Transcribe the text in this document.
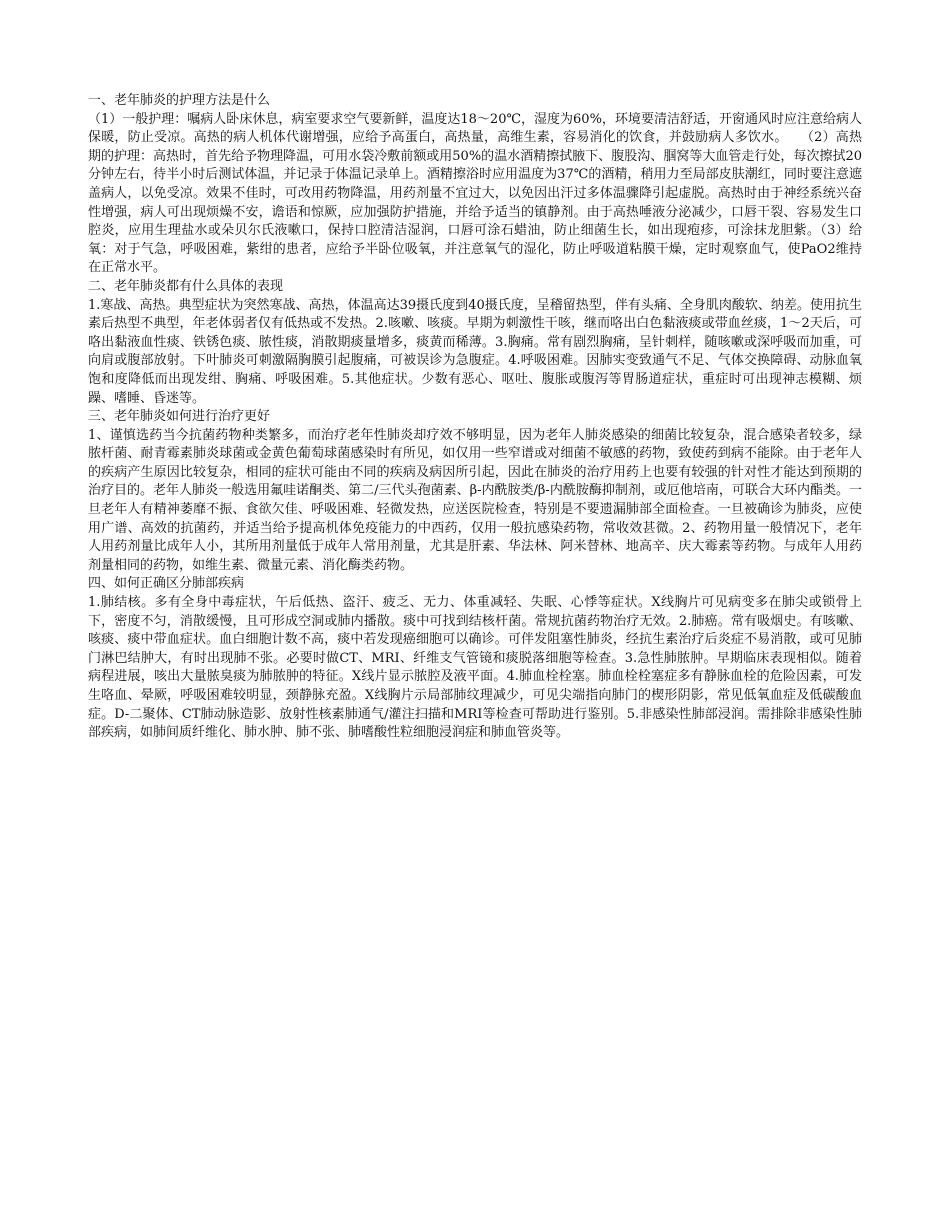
一、老年肺炎的护理方法是什么

（1）一般护理：嘱病人卧床休息，病室要求空气要新鲜，温度达18～20℃，湿度为60%，环境要清洁舒适，开窗通风时应注意给病人保暖，防止受凉。高热的病人机体代谢增强，应给予高蛋白，高热量，高维生素，容易消化的饮食，并鼓励病人多饮水。　　（2）高热期的护理：高热时，首先给予物理降温，可用水袋冷敷前额或用50%的温水酒精擦拭腋下、腹股沟、腘窝等大血管走行处，每次擦拭20分钟左右，待半小时后测试体温，并记录于体温记录单上。酒精擦浴时应用温度为37℃的酒精，稍用力至局部皮肤潮红，同时要注意遮盖病人，以免受凉。效果不佳时，可改用药物降温，用药剂量不宜过大，以免因出汗过多体温骤降引起虚脱。高热时由于神经系统兴奋性增强，病人可出现烦燥不安，谵语和惊厥，应加强防护措施，并给予适当的镇静剂。由于高热唾液分泌减少，口唇干裂、容易发生口腔炎，应用生理盐水或朵贝尔氏液嗽口，保持口腔清洁湿润，口唇可涂石蜡油，防止细菌生长，如出现疱疹，可涂抹龙胆紫。（3）给氧：对于气急，呼吸困难，紫绀的患者，应给予半卧位吸氧，并注意氧气的湿化，防止呼吸道粘膜干燥，定时观察血气，使PaO2维持在正常水平。

二、老年肺炎都有什么具体的表现

1.寒战、高热。典型症状为突然寒战、高热，体温高达39摄氏度到40摄氏度，呈稽留热型，伴有头痛、全身肌肉酸软、纳差。使用抗生素后热型不典型，年老体弱者仅有低热或不发热。2.咳嗽、咳痰。早期为刺激性干咳，继而咯出白色黏液痰或带血丝痰，1～2天后，可咯出黏液血性痰、铁锈色痰、脓性痰，消散期痰量增多，痰黄而稀薄。3.胸痛。常有剧烈胸痛，呈针刺样，随咳嗽或深呼吸而加重，可向肩或腹部放射。下叶肺炎可刺激隔胸膜引起腹痛，可被误诊为急腹症。4.呼吸困难。因肺实变致通气不足、气体交换障碍、动脉血氧饱和度降低而出现发绀、胸痛、呼吸困难。5.其他症状。少数有恶心、呕吐、腹胀或腹泻等胃肠道症状，重症时可出现神志模糊、烦躁、嗜睡、昏迷等。

三、老年肺炎如何进行治疗更好

1、谨慎选药当今抗菌药物种类繁多，而治疗老年性肺炎却疗效不够明显，因为老年人肺炎感染的细菌比较复杂，混合感染者较多，绿脓杆菌、耐青霉素肺炎球菌或金黄色葡萄球菌感染时有所见，如仅用一些窄谱或对细菌不敏感的药物，致使药到病不能除。由于老年人的疾病产生原因比较复杂，相同的症状可能由不同的疾病及病因所引起，因此在肺炎的治疗用药上也要有较强的针对性才能达到预期的治疗目的。老年人肺炎一般选用氟哇诺酮类、第二/三代头孢菌素、β-内酰胺类/β-内酰胺酶抑制剂，或厄他培南，可联合大环内酯类。一旦老年人有精神萎靡不振、食欲欠佳、呼吸困难、轻微发热，应送医院检查，特别是不要遗漏肺部全面检查。一旦被确诊为肺炎，应使用广谱、高效的抗菌药，并适当给予提高机体免疫能力的中西药，仅用一般抗感染药物，常收效甚微。2、药物用量一般情况下，老年人用药剂量比成年人小，其所用剂量低于成年人常用剂量，尤其是肝素、华法林、阿米替林、地高辛、庆大霉素等药物。与成年人用药剂量相同的药物，如维生素、微量元素、消化酶类药物。

四、如何正确区分肺部疾病

1.肺结核。多有全身中毒症状，午后低热、盗汗、疲乏、无力、体重减轻、失眠、心悸等症状。X线胸片可见病变多在肺尖或锁骨上下，密度不匀，消散缓慢，且可形成空洞或肺内播散。痰中可找到结核杆菌。常规抗菌药物治疗无效。2.肺癌。常有吸烟史。有咳嗽、咳痰、痰中带血症状。血白细胞计数不高，痰中若发现癌细胞可以确诊。可伴发阻塞性肺炎，经抗生素治疗后炎症不易消散，或可见肺门淋巴结肿大，有时出现肺不张。必要时做CT、MRI、纤维支气管镜和痰脱落细胞等检查。3.急性肺脓肿。早期临床表现相似。随着病程进展，咳出大量脓臭痰为肺脓肿的特征。X线片显示脓腔及液平面。4.肺血栓栓塞。肺血栓栓塞症多有静脉血栓的危险因素，可发生咯血、晕厥，呼吸困难较明显，颈静脉充盈。X线胸片示局部肺纹理减少，可见尖端指向肺门的楔形阴影，常见低氧血症及低碳酸血症。D-二聚体、CT肺动脉造影、放射性核素肺通气/灌注扫描和MRI等检查可帮助进行鉴别。5.非感染性肺部浸润。需排除非感染性肺部疾病，如肺间质纤维化、肺水肿、肺不张、肺嗜酸性粒细胞浸润症和肺血管炎等。
